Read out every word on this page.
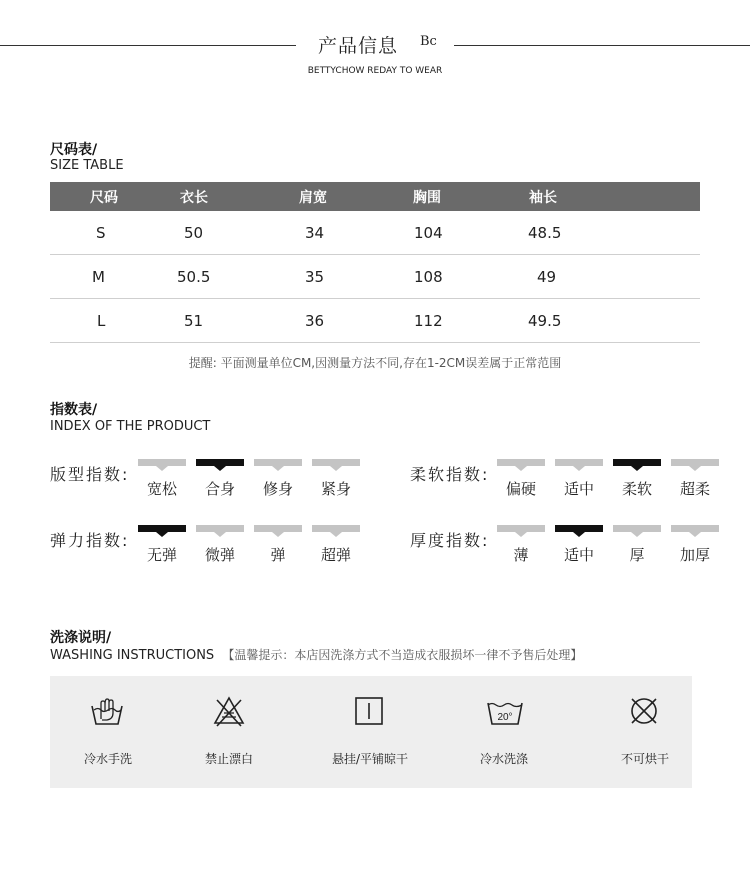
产品信息 Bc
BETTYCHOW REDAY TO WEAR
尺码表/
SIZE TABLE
尺码	衣长	肩宽	胸围	袖长
S	50	34	104	48.5
M	50.5	35	108	49
L	51	36	112	49.5
提醒: 平面测量单位CM,因测量方法不同,存在1-2CM误差属于正常范围
指数表/
INDEX OF THE PRODUCT
版型指数:
宽松	合身	修身	紧身
柔软指数:
偏硬	适中	柔软	超柔
弹力指数:
无弹	微弹	弹	超弹
厚度指数:
薄	适中	厚	加厚
洗涤说明/
WASHING INSTRUCTIONS 【温馨提示：本店因洗涤方式不当造成衣服损坏一律不予售后处理】
冷水手洗	禁止漂白	悬挂/平铺晾干
20°
冷水洗涤	不可烘干
